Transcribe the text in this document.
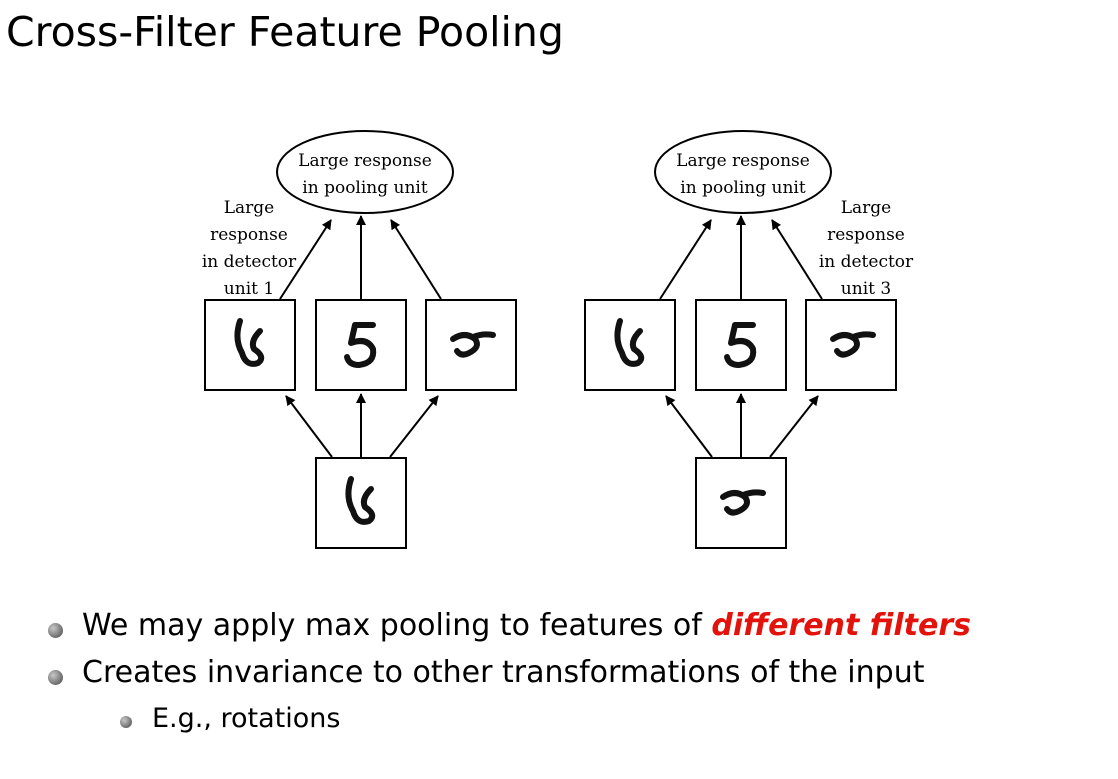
Cross-Filter Feature Pooling
Large response
in pooling unit
Large
response
in detector
unit 1
Large response
in pooling unit
Large
response
in detector
unit 3
We may apply max pooling to features of different filters
Creates invariance to other transformations of the input
E.g., rotations
